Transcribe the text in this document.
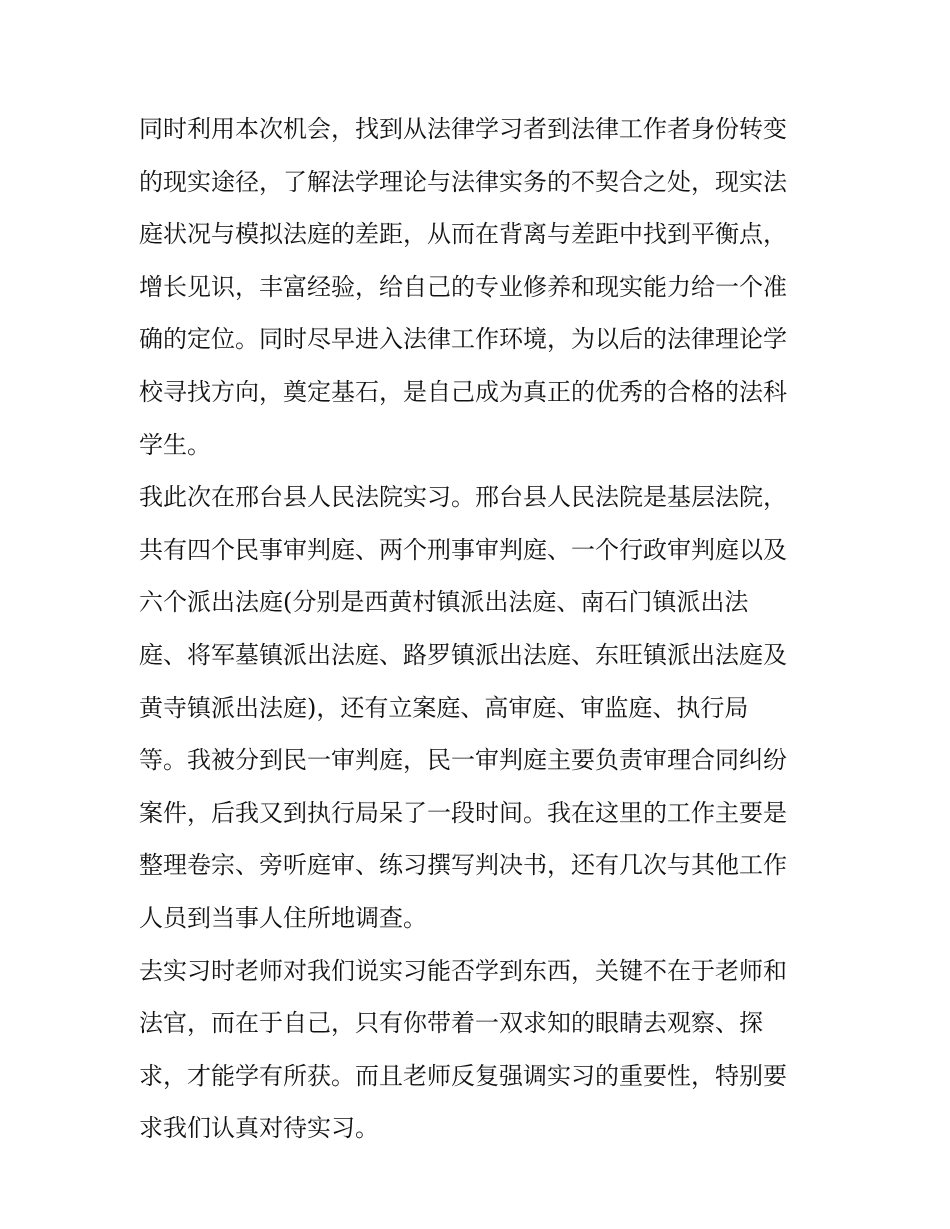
同时利用本次机会，找到从法律学习者到法律工作者身份转变
的现实途径，了解法学理论与法律实务的不契合之处，现实法
庭状况与模拟法庭的差距，从而在背离与差距中找到平衡点，
增长见识，丰富经验，给自己的专业修养和现实能力给一个准
确的定位。同时尽早进入法律工作环境，为以后的法律理论学
校寻找方向，奠定基石，是自己成为真正的优秀的合格的法科
学生。
我此次在邢台县人民法院实习。邢台县人民法院是基层法院，
共有四个民事审判庭、两个刑事审判庭、一个行政审判庭以及
六个派出法庭(分别是西黄村镇派出法庭、南石门镇派出法
庭、将军墓镇派出法庭、路罗镇派出法庭、东旺镇派出法庭及
黄寺镇派出法庭)，还有立案庭、高审庭、审监庭、执行局
等。我被分到民一审判庭，民一审判庭主要负责审理合同纠纷
案件，后我又到执行局呆了一段时间。我在这里的工作主要是
整理卷宗、旁听庭审、练习撰写判决书，还有几次与其他工作
人员到当事人住所地调查。
去实习时老师对我们说实习能否学到东西，关键不在于老师和
法官，而在于自己，只有你带着一双求知的眼睛去观察、探
求，才能学有所获。而且老师反复强调实习的重要性，特别要
求我们认真对待实习。
